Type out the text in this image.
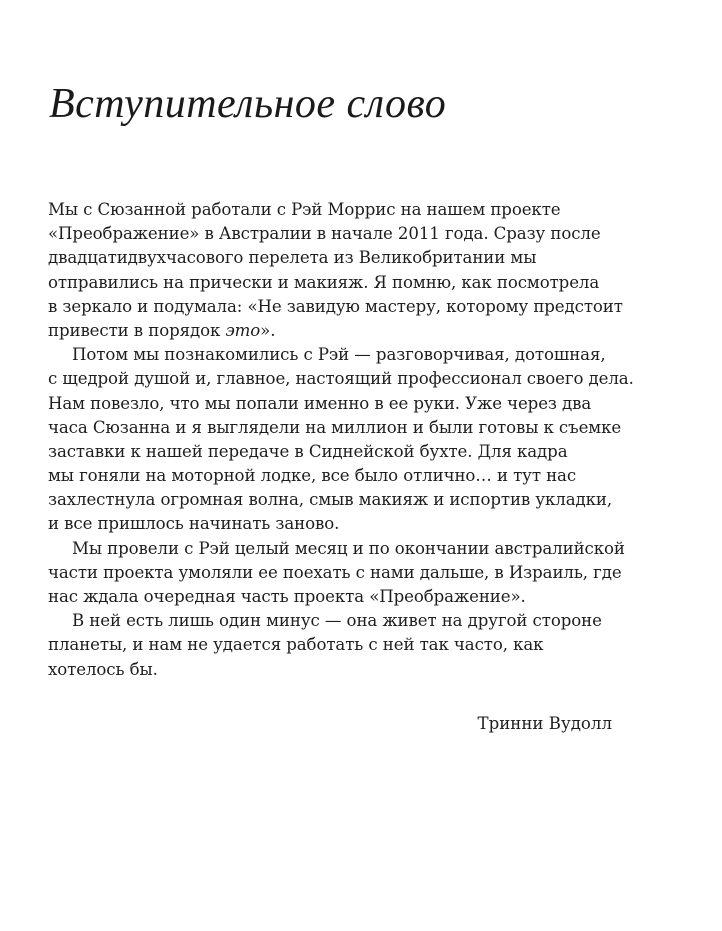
Вступительное слово
Мы с Сюзанной работали с Рэй Моррис на нашем проекте
«Преображение» в Австралии в начале 2011 года. Сразу после
двадцатидвухчасового перелета из Великобритании мы
отправились на прически и макияж. Я помню, как посмотрела
в зеркало и подумала: «Не завидую мастеру, которому предстоит
привести в порядок это».
Потом мы познакомились с Рэй — разговорчивая, дотошная,
с щедрой душой и, главное, настоящий профессионал своего дела.
Нам повезло, что мы попали именно в ее руки. Уже через два
часа Сюзанна и я выглядели на миллион и были готовы к съемке
заставки к нашей передаче в Сиднейской бухте. Для кадра
мы гоняли на моторной лодке, все было отлично… и тут нас
захлестнула огромная волна, смыв макияж и испортив укладки,
и все пришлось начинать заново.
Мы провели с Рэй целый месяц и по окончании австралийской
части проекта умоляли ее поехать с нами дальше, в Израиль, где
нас ждала очередная часть проекта «Преображение».
В ней есть лишь один минус — она живет на другой стороне
планеты, и нам не удается работать с ней так часто, как
хотелось бы.
Тринни Вудолл
